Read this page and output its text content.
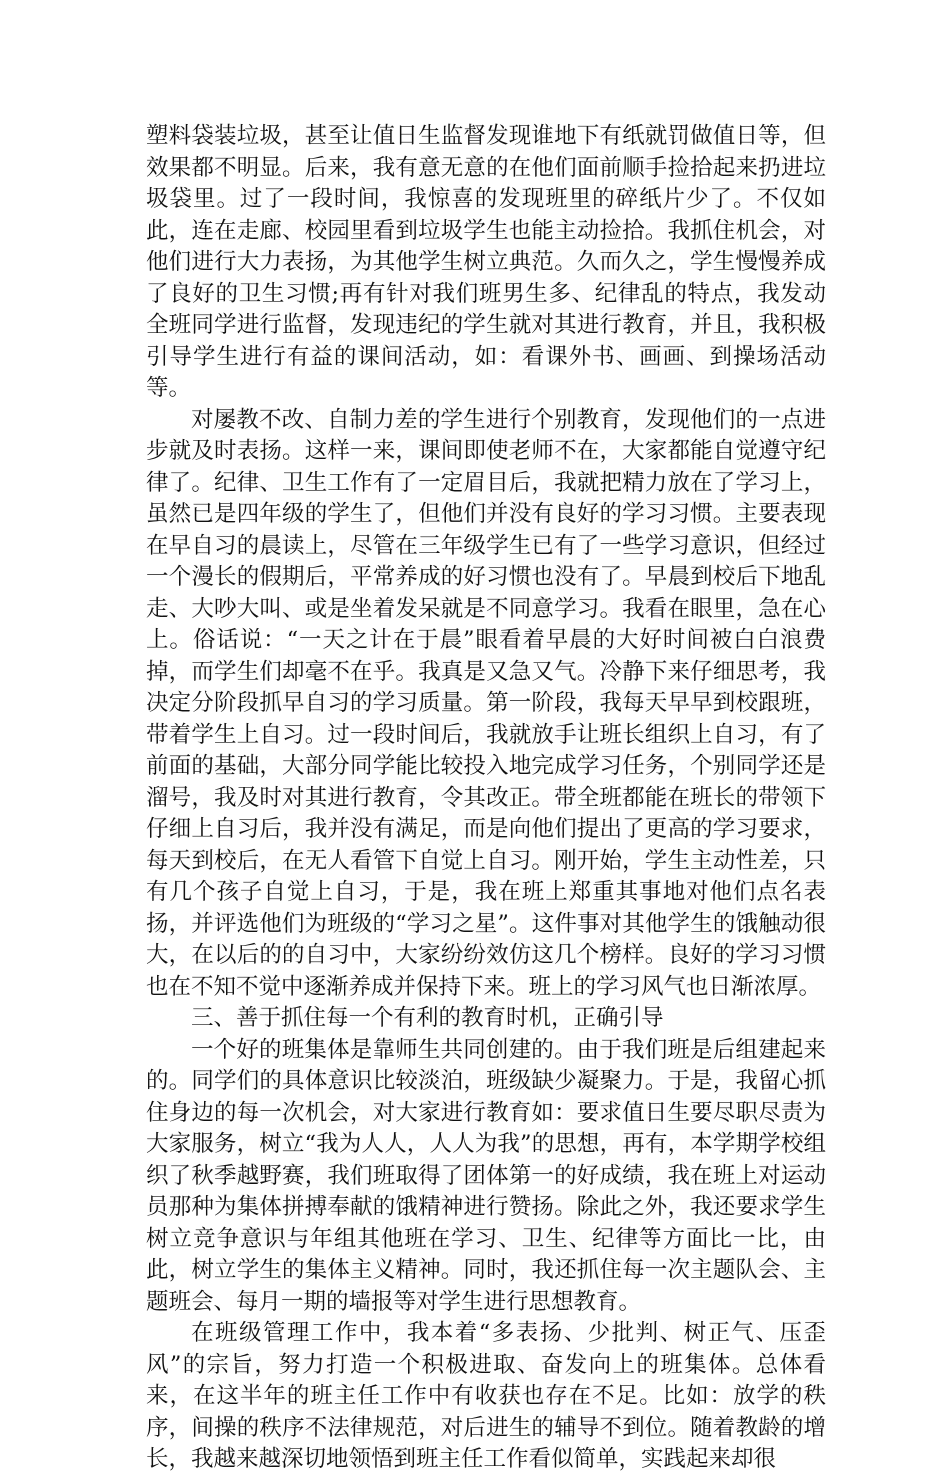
塑料袋装垃圾，甚至让值日生监督发现谁地下有纸就罚做值日等，但效果都不明显。后来，我有意无意的在他们面前顺手捡拾起来扔进垃圾袋里。过了一段时间，我惊喜的发现班里的碎纸片少了。不仅如此，连在走廊、校园里看到垃圾学生也能主动捡拾。我抓住机会，对他们进行大力表扬，为其他学生树立典范。久而久之，学生慢慢养成了良好的卫生习惯;再有针对我们班男生多、纪律乱的特点，我发动全班同学进行监督，发现违纪的学生就对其进行教育，并且，我积极引导学生进行有益的课间活动，如：看课外书、画画、到操场活动等。

对屡教不改、自制力差的学生进行个别教育，发现他们的一点进步就及时表扬。这样一来，课间即使老师不在，大家都能自觉遵守纪律了。纪律、卫生工作有了一定眉目后，我就把精力放在了学习上，虽然已是四年级的学生了，但他们并没有良好的学习习惯。主要表现在早自习的晨读上，尽管在三年级学生已有了一些学习意识，但经过一个漫长的假期后，平常养成的好习惯也没有了。早晨到校后下地乱走、大吵大叫、或是坐着发呆就是不同意学习。我看在眼里，急在心上。俗话说：“一天之计在于晨”眼看着早晨的大好时间被白白浪费掉，而学生们却毫不在乎。我真是又急又气。冷静下来仔细思考，我决定分阶段抓早自习的学习质量。第一阶段，我每天早早到校跟班，带着学生上自习。过一段时间后，我就放手让班长组织上自习，有了前面的基础，大部分同学能比较投入地完成学习任务，个别同学还是溜号，我及时对其进行教育，令其改正。带全班都能在班长的带领下仔细上自习后，我并没有满足，而是向他们提出了更高的学习要求，每天到校后，在无人看管下自觉上自习。刚开始，学生主动性差，只有几个孩子自觉上自习，于是，我在班上郑重其事地对他们点名表扬，并评选他们为班级的“学习之星”。这件事对其他学生的饿触动很大，在以后的的自习中，大家纷纷效仿这几个榜样。良好的学习习惯也在不知不觉中逐渐养成并保持下来。班上的学习风气也日渐浓厚。

三、善于抓住每一个有利的教育时机，正确引导

一个好的班集体是靠师生共同创建的。由于我们班是后组建起来的。同学们的具体意识比较淡泊，班级缺少凝聚力。于是，我留心抓住身边的每一次机会，对大家进行教育如：要求值日生要尽职尽责为大家服务，树立“我为人人，人人为我”的思想，再有，本学期学校组织了秋季越野赛，我们班取得了团体第一的好成绩，我在班上对运动员那种为集体拼搏奉献的饿精神进行赞扬。除此之外，我还要求学生树立竞争意识与年组其他班在学习、卫生、纪律等方面比一比，由此，树立学生的集体主义精神。同时，我还抓住每一次主题队会、主题班会、每月一期的墙报等对学生进行思想教育。

在班级管理工作中，我本着“多表扬、少批判、树正气、压歪风”的宗旨，努力打造一个积极进取、奋发向上的班集体。总体看来，在这半年的班主任工作中有收获也存在不足。比如：放学的秩序，间操的秩序不法律规范，对后进生的辅导不到位。随着教龄的增长，我越来越深切地领悟到班主任工作看似简单，实践起来却很
